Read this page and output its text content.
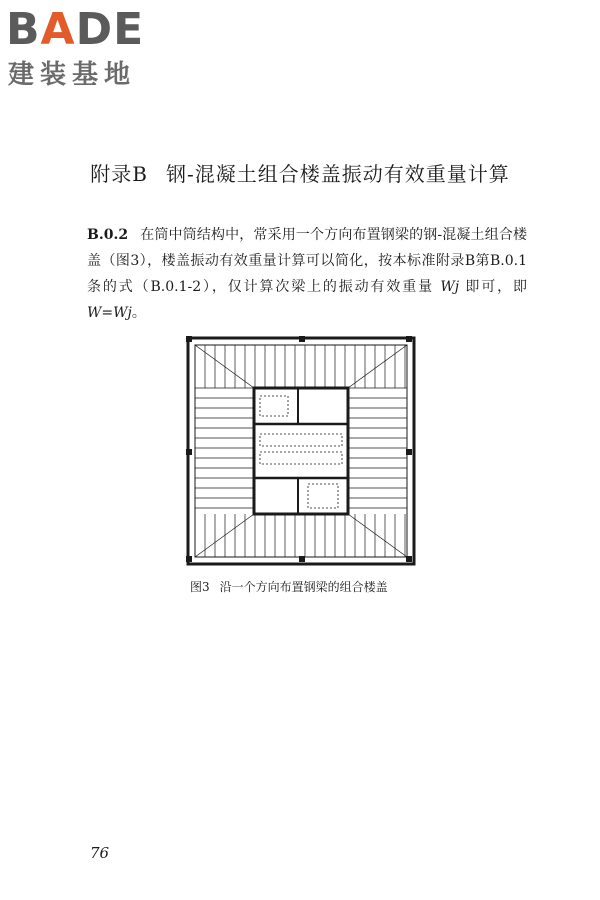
BADE
建装基地
附录B 钢-混凝土组合楼盖振动有效重量计算
B.0.2 在筒中筒结构中，常采用一个方向布置钢梁的钢-混凝土组合楼盖（图3），楼盖振动有效重量计算可以简化，按本标准附录B第B.0.1条的式（B.0.1-2），仅计算次梁上的振动有效重量 Wj 即可，即 W=Wj。
图3 沿一个方向布置钢梁的组合楼盖
76
